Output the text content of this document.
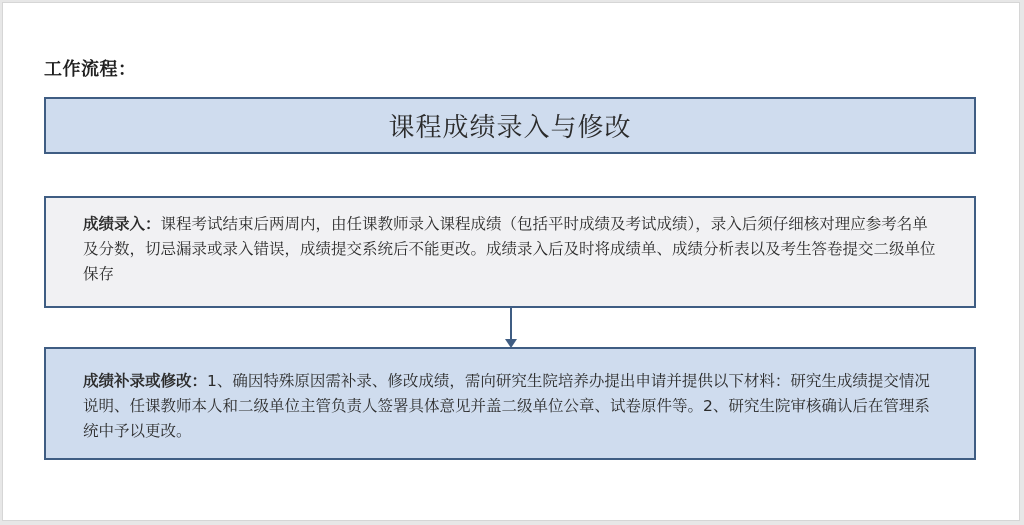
工作流程：
课程成绩录入与修改
成绩录入：课程考试结束后两周内，由任课教师录入课程成绩（包括平时成绩及考试成绩），录入后须仔细核对理应参考名单及分数，切忌漏录或录入错误，成绩提交系统后不能更改。成绩录入后及时将成绩单、成绩分析表以及考生答卷提交二级单位保存
成绩补录或修改：1、确因特殊原因需补录、修改成绩，需向研究生院培养办提出申请并提供以下材料：研究生成绩提交情况说明、任课教师本人和二级单位主管负责人签署具体意见并盖二级单位公章、试卷原件等。2、研究生院审核确认后在管理系统中予以更改。
